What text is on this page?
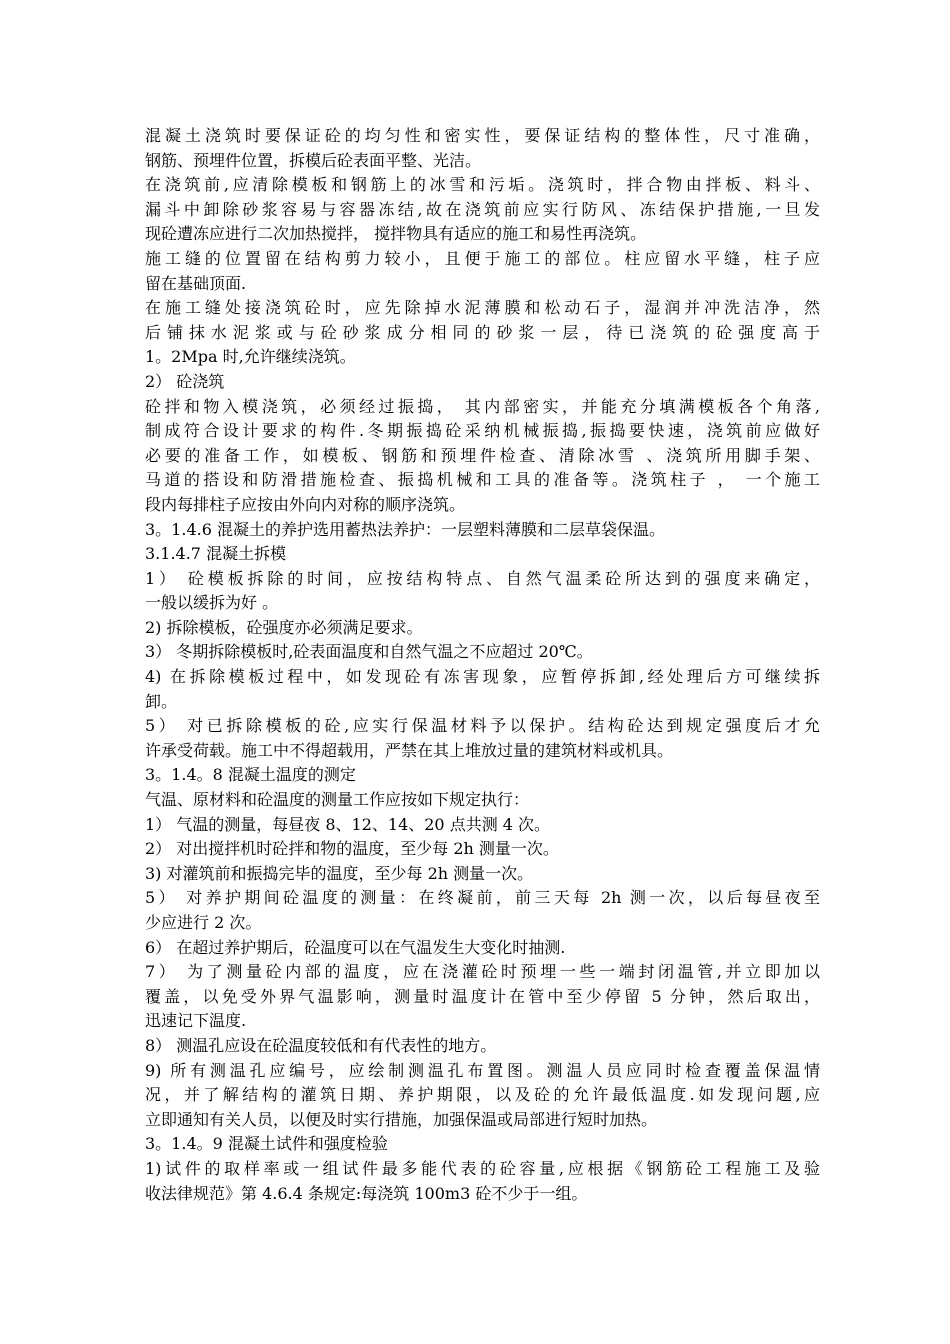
混凝土浇筑时要保证砼的均匀性和密实性，要保证结构的整体性，尺寸准确，
钢筋、预埋件位置，拆模后砼表面平整、光洁。
在浇筑前,应清除模板和钢筋上的冰雪和污垢。浇筑时，拌合物由拌板、料斗、
漏斗中卸除砂浆容易与容器冻结,故在浇筑前应实行防风、冻结保护措施,一旦发
现砼遭冻应进行二次加热搅拌， 搅拌物具有适应的施工和易性再浇筑。
施工缝的位置留在结构剪力较小，且便于施工的部位。柱应留水平缝，柱子应
留在基础顶面.
在施工缝处接浇筑砼时，应先除掉水泥薄膜和松动石子，湿润并冲洗洁净，然
后铺抹水泥浆或与砼砂浆成分相同的砂浆一层，待已浇筑的砼强度高于
1。2Mpa 时,允许继续浇筑。
2） 砼浇筑
砼拌和物入模浇筑，必须经过振捣， 其内部密实，并能充分填满模板各个角落,
制成符合设计要求的构件.冬期振捣砼采纳机械振捣,振捣要快速，浇筑前应做好
必要的准备工作，如模板、钢筋和预埋件检查、清除冰雪 、浇筑所用脚手架、
马道的搭设和防滑措施检查、振捣机械和工具的准备等。浇筑柱子 ， 一个施工
段内每排柱子应按由外向内对称的顺序浇筑。
3。1.4.6 混凝土的养护选用蓄热法养护：一层塑料薄膜和二层草袋保温。
3.1.4.7 混凝土拆模
1） 砼模板拆除的时间，应按结构特点、自然气温柔砼所达到的强度来确定，
一般以缓拆为好 。
2) 拆除模板，砼强度亦必须满足要求。
3） 冬期拆除模板时,砼表面温度和自然气温之不应超过 20℃。
4) 在拆除模板过程中，如发现砼有冻害现象，应暂停拆卸,经处理后方可继续拆
卸。
5） 对已拆除模板的砼,应实行保温材料予以保护。结构砼达到规定强度后才允
许承受荷载。施工中不得超载用，严禁在其上堆放过量的建筑材料或机具。
3。1.4。8 混凝土温度的测定
气温、原材料和砼温度的测量工作应按如下规定执行：
1） 气温的测量，每昼夜 8、12、14、20 点共测 4 次。
2） 对出搅拌机时砼拌和物的温度，至少每 2h 测量一次。
3) 对灌筑前和振捣完毕的温度，至少每 2h 测量一次。
5） 对养护期间砼温度的测量：在终凝前，前三天每 2h 测一次，以后每昼夜至
少应进行 2 次。
6） 在超过养护期后，砼温度可以在气温发生大变化时抽测.
7） 为了测量砼内部的温度，应在浇灌砼时预埋一些一端封闭温管,并立即加以
覆盖，以免受外界气温影响，测量时温度计在管中至少停留 5 分钟，然后取出，
迅速记下温度.
8） 测温孔应设在砼温度较低和有代表性的地方。
9) 所有测温孔应编号，应绘制测温孔布置图。测温人员应同时检查覆盖保温情
况，并了解结构的灌筑日期、养护期限，以及砼的允许最低温度.如发现问题,应
立即通知有关人员，以便及时实行措施，加强保温或局部进行短时加热。
3。1.4。9 混凝土试件和强度检验
1)试件的取样率或一组试件最多能代表的砼容量,应根据《钢筋砼工程施工及验
收法律规范》第 4.6.4 条规定:每浇筑 100m3 砼不少于一组。
